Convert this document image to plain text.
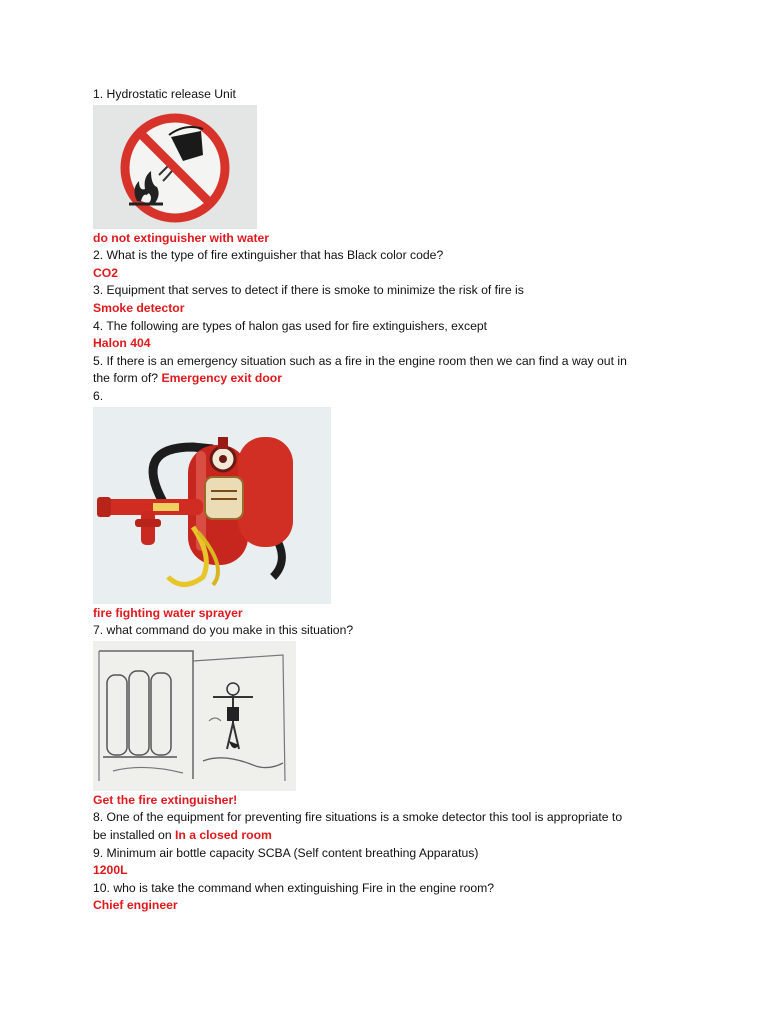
1. Hydrostatic release Unit
do not extinguisher with water
2. What is the type of fire extinguisher that has Black color code?
CO2
3. Equipment that serves to detect if there is smoke to minimize the risk of fire is
Smoke detector
4. The following are types of halon gas used for fire extinguishers, except
Halon 404
5. If there is an emergency situation such as a fire in the engine room then we can find a way out in
the form of? Emergency exit door
6.
fire fighting water sprayer
7. what command do you make in this situation?
Get the fire extinguisher!
8. One of the equipment for preventing fire situations is a smoke detector this tool is appropriate to
be installed on In a closed room
9. Minimum air bottle capacity SCBA (Self content breathing Apparatus)
1200L
10. who is take the command when extinguishing Fire in the engine room?
Chief engineer
